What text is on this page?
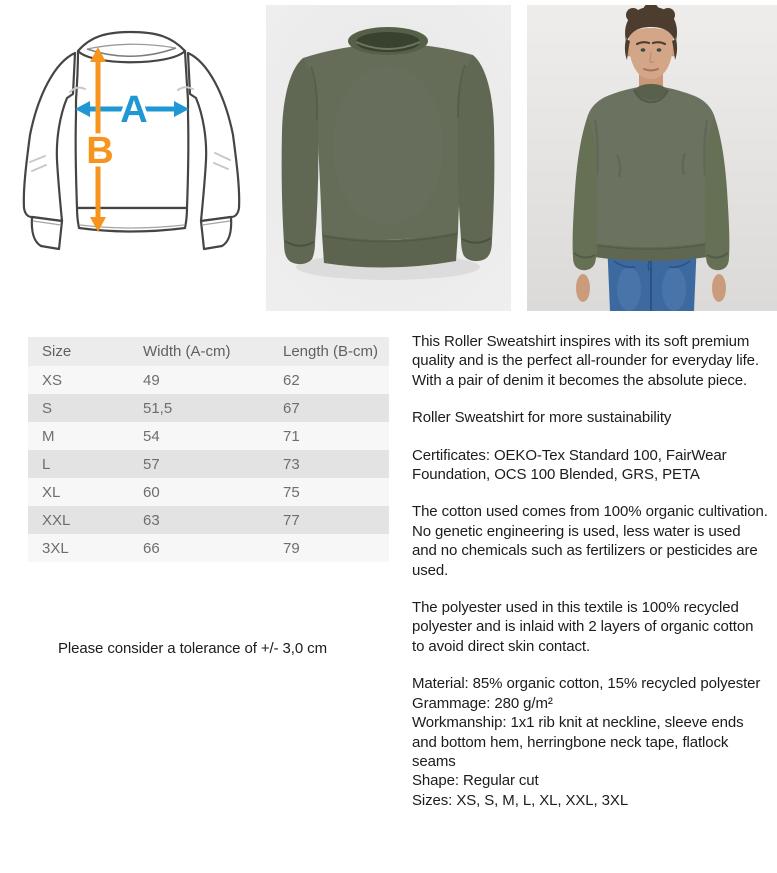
A
B
Size	Width (A-cm)	Length (B-cm)
XS	49	62
S	51,5	67
M	54	71
L	57	73
XL	60	75
XXL	63	77
3XL	66	79
Please consider a tolerance of +/- 3,0 cm

This Roller Sweatshirt inspires with its soft premium quality and is the perfect all-rounder for everyday life. With a pair of denim it becomes the absolute piece.

Roller Sweatshirt for more sustainability

Certificates: OEKO-Tex Standard 100, FairWear Foundation, OCS 100 Blended, GRS, PETA

The cotton used comes from 100% organic cultivation. No genetic engineering is used, less water is used and no chemicals such as fertilizers or pesticides are used.

The polyester used in this textile is 100% recycled polyester and is inlaid with 2 layers of organic cotton to avoid direct skin contact.

Material: 85% organic cotton, 15% recycled polyester
Grammage: 280 g/m²
Workmanship: 1x1 rib knit at neckline, sleeve ends and bottom hem, herringbone neck tape, flatlock seams
Shape: Regular cut
Sizes: XS, S, M, L, XL, XXL, 3XL
